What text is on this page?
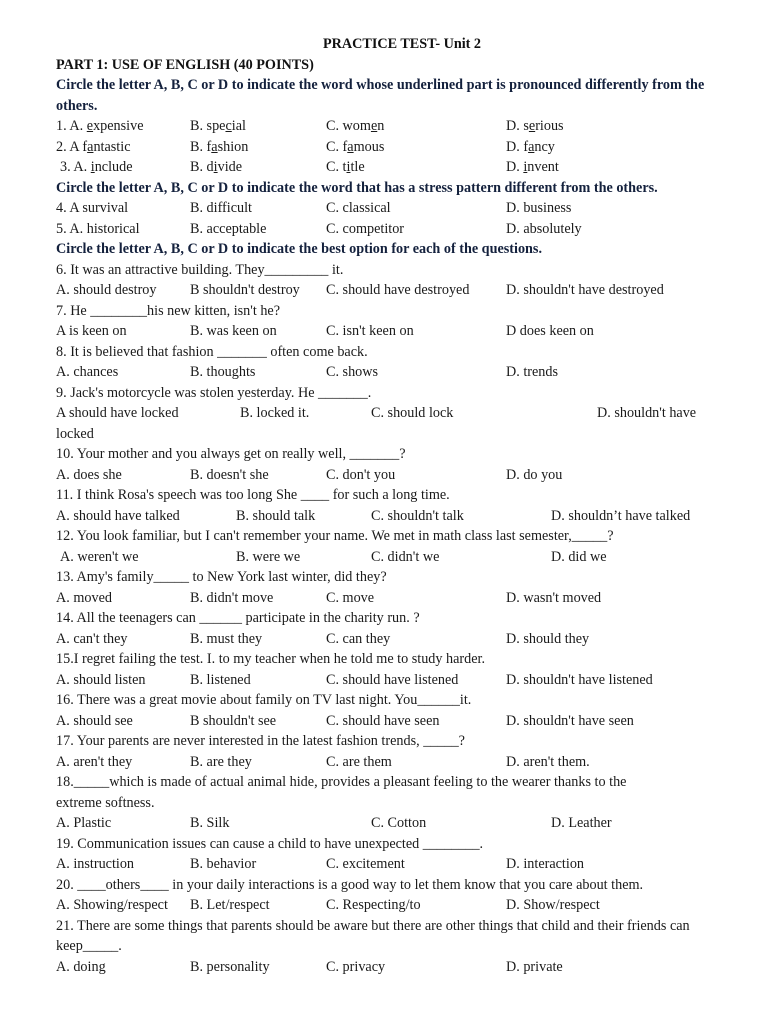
PRACTICE TEST- Unit 2
PART 1: USE OF ENGLISH (40 POINTS)
Circle the letter A, B, C or D to indicate the word whose underlined part is pronounced differently from the others.
1. A. expensive	B. special	C. women	D. serious
2. A fantastic	B. fashion	C. famous	D. fancy
3. A. include	B. divide	C. title	D. invent
Circle the letter A, B, C or D to indicate the word that has a stress pattern different from the others.
4. A survival	B. difficult	C. classical	D. business
5. A. historical	B. acceptable	C. competitor	D. absolutely
Circle the letter A, B, C or D to indicate the best option for each of the questions.
6. It was an attractive building. They_________ it.
A. should destroy B shouldn't destroy C. should have destroyed	D. shouldn't have destroyed
7. He ________his new kitten, isn't he?
A is keen on	B. was keen on	C. isn't keen on	D does keen on
8. It is believed that fashion _______ often come back.
A. chances	B. thoughts	C. shows	D. trends
9. Jack's motorcycle was stolen yesterday. He _______.
A should have locked	B. locked it.	C. should lock	D. shouldn't have
locked
10. Your mother and you always get on really well, _______?
A. does she	B. doesn't she	C. don't you	D. do you
11. I think Rosa's speech was too long She ____ for such a long time.
A. should have talked	B. should talk	C. shouldn't talk	D. shouldn’t have talked
12. You look familiar, but I can't remember your name. We met in math class last semester,_____?
A. weren't we	B. were we	C. didn't we	D. did we
13. Amy's family_____ to New York last winter, did they?
A. moved	B. didn't move	C. move	D. wasn't moved
14. All the teenagers can ______ participate in the charity run. ?
A. can't they	B. must they	C. can they	D. should they
15.I regret failing the test. I. to my teacher when he told me to study harder.
A. should listen	B. listened	C. should have listened	D. shouldn't have listened
16. There was a great movie about family on TV last night. You______it.
A. should see	B shouldn't see	C. should have seen	D. shouldn't have seen
17. Your parents are never interested in the latest fashion trends, _____?
A. aren't they	B. are they	C. are them	D. aren't them.
18._____which is made of actual animal hide, provides a pleasant feeling to the wearer thanks to the
extreme softness.
A. Plastic	B. Silk	C. Cotton	D. Leather
19. Communication issues can cause a child to have unexpected ________.
A. instruction	B. behavior	C. excitement	D. interaction
20. ____others____ in your daily interactions is a good way to let them know that you care about them.
A. Showing/respect B. Let/respect	C. Respecting/to	D. Show/respect
21. There are some things that parents should be aware but there are other things that child and their friends can
keep_____.
A. doing	B. personality	C. privacy	D. private
